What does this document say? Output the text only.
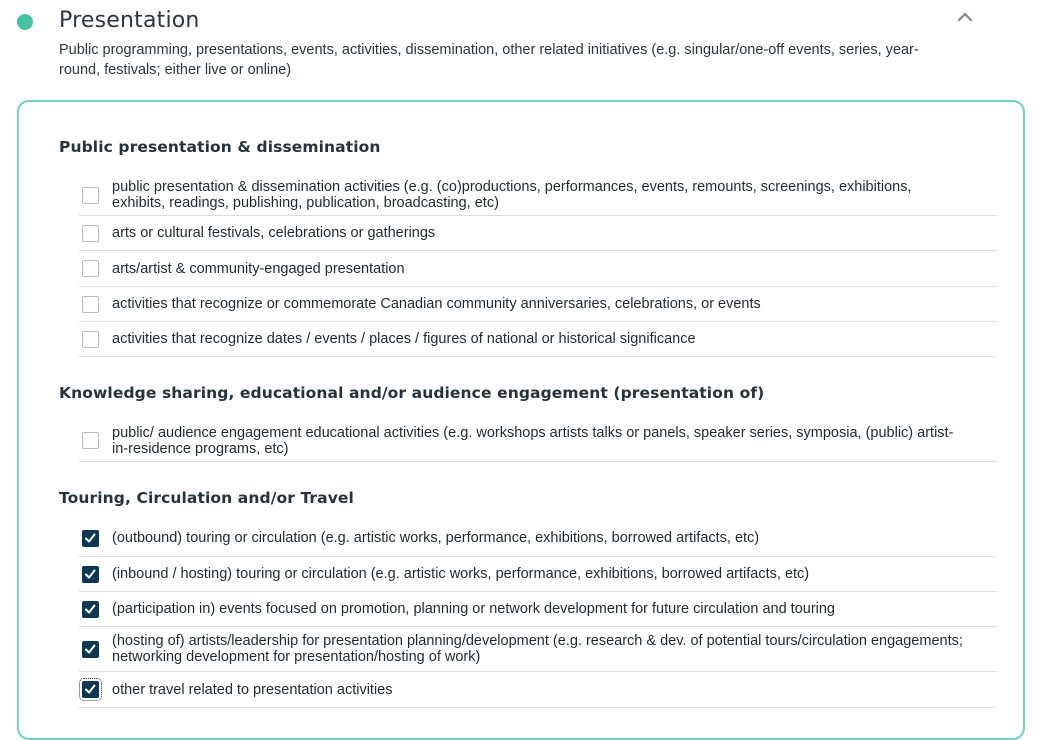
Presentation
Public programming, presentations, events, activities, dissemination, other related initiatives (e.g. singular/one-off events, series, year-round, festivals; either live or online)
Public presentation & dissemination
public presentation & dissemination activities (e.g. (co)productions, performances, events, remounts, screenings, exhibitions, exhibits, readings, publishing, publication, broadcasting, etc)
arts or cultural festivals, celebrations or gatherings
arts/artist & community-engaged presentation
activities that recognize or commemorate Canadian community anniversaries, celebrations, or events
activities that recognize dates / events / places / figures of national or historical significance
Knowledge sharing, educational and/or audience engagement (presentation of)
public/ audience engagement educational activities (e.g. workshops artists talks or panels, speaker series, symposia, (public) artist-in-residence programs, etc)
Touring, Circulation and/or Travel
(outbound) touring or circulation (e.g. artistic works, performance, exhibitions, borrowed artifacts, etc)
(inbound / hosting) touring or circulation (e.g. artistic works, performance, exhibitions, borrowed artifacts, etc)
(participation in) events focused on promotion, planning or network development for future circulation and touring
(hosting of) artists/leadership for presentation planning/development (e.g. research & dev. of potential tours/circulation engagements; networking development for presentation/hosting of work)
other travel related to presentation activities
